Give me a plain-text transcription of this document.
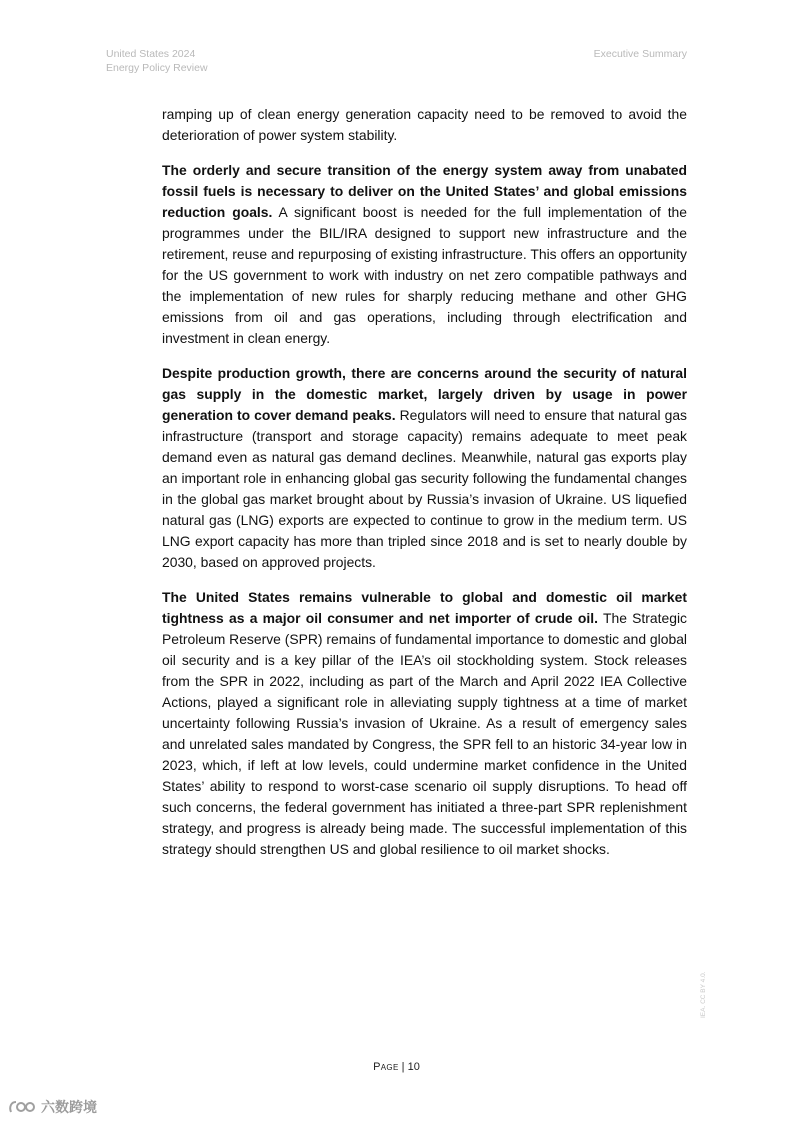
United States 2024
Energy Policy Review
Executive Summary

ramping up of clean energy generation capacity need to be removed to avoid the deterioration of power system stability.

The orderly and secure transition of the energy system away from unabated fossil fuels is necessary to deliver on the United States’ and global emissions reduction goals. A significant boost is needed for the full implementation of the programmes under the BIL/IRA designed to support new infrastructure and the retirement, reuse and repurposing of existing infrastructure. This offers an opportunity for the US government to work with industry on net zero compatible pathways and the implementation of new rules for sharply reducing methane and other GHG emissions from oil and gas operations, including through electrification and investment in clean energy.

Despite production growth, there are concerns around the security of natural gas supply in the domestic market, largely driven by usage in power generation to cover demand peaks. Regulators will need to ensure that natural gas infrastructure (transport and storage capacity) remains adequate to meet peak demand even as natural gas demand declines. Meanwhile, natural gas exports play an important role in enhancing global gas security following the fundamental changes in the global gas market brought about by Russia’s invasion of Ukraine. US liquefied natural gas (LNG) exports are expected to continue to grow in the medium term. US LNG export capacity has more than tripled since 2018 and is set to nearly double by 2030, based on approved projects.

The United States remains vulnerable to global and domestic oil market tightness as a major oil consumer and net importer of crude oil. The Strategic Petroleum Reserve (SPR) remains of fundamental importance to domestic and global oil security and is a key pillar of the IEA’s oil stockholding system. Stock releases from the SPR in 2022, including as part of the March and April 2022 IEA Collective Actions, played a significant role in alleviating supply tightness at a time of market uncertainty following Russia’s invasion of Ukraine. As a result of emergency sales and unrelated sales mandated by Congress, the SPR fell to an historic 34-year low in 2023, which, if left at low levels, could undermine market confidence in the United States’ ability to respond to worst-case scenario oil supply disruptions. To head off such concerns, the federal government has initiated a three-part SPR replenishment strategy, and progress is already being made. The successful implementation of this strategy should strengthen US and global resilience to oil market shocks.

Page | 10
IEA. CC BY 4.0.
六数跨境
